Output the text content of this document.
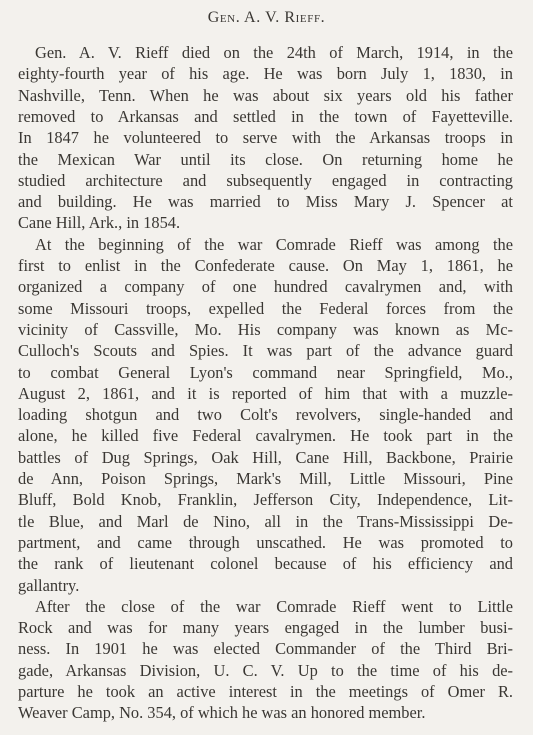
Gen. A. V. Rieff.
Gen. A. V. Rieff died on the 24th of March, 1914, in the
eighty-fourth year of his age. He was born July 1, 1830, in
Nashville, Tenn. When he was about six years old his father
removed to Arkansas and settled in the town of Fayetteville.
In 1847 he volunteered to serve with the Arkansas troops in
the Mexican War until its close. On returning home he
studied architecture and subsequently engaged in contracting
and building. He was married to Miss Mary J. Spencer at
Cane Hill, Ark., in 1854.
At the beginning of the war Comrade Rieff was among the
first to enlist in the Confederate cause. On May 1, 1861, he
organized a company of one hundred cavalrymen and, with
some Missouri troops, expelled the Federal forces from the
vicinity of Cassville, Mo. His company was known as Mc-
Culloch's Scouts and Spies. It was part of the advance guard
to combat General Lyon's command near Springfield, Mo.,
August 2, 1861, and it is reported of him that with a muzzle-
loading shotgun and two Colt's revolvers, single-handed and
alone, he killed five Federal cavalrymen. He took part in the
battles of Dug Springs, Oak Hill, Cane Hill, Backbone, Prairie
de Ann, Poison Springs, Mark's Mill, Little Missouri, Pine
Bluff, Bold Knob, Franklin, Jefferson City, Independence, Lit-
tle Blue, and Marl de Nino, all in the Trans-Mississippi De-
partment, and came through unscathed. He was promoted to
the rank of lieutenant colonel because of his efficiency and
gallantry.
After the close of the war Comrade Rieff went to Little
Rock and was for many years engaged in the lumber busi-
ness. In 1901 he was elected Commander of the Third Bri-
gade, Arkansas Division, U. C. V. Up to the time of his de-
parture he took an active interest in the meetings of Omer R.
Weaver Camp, No. 354, of which he was an honored member.
